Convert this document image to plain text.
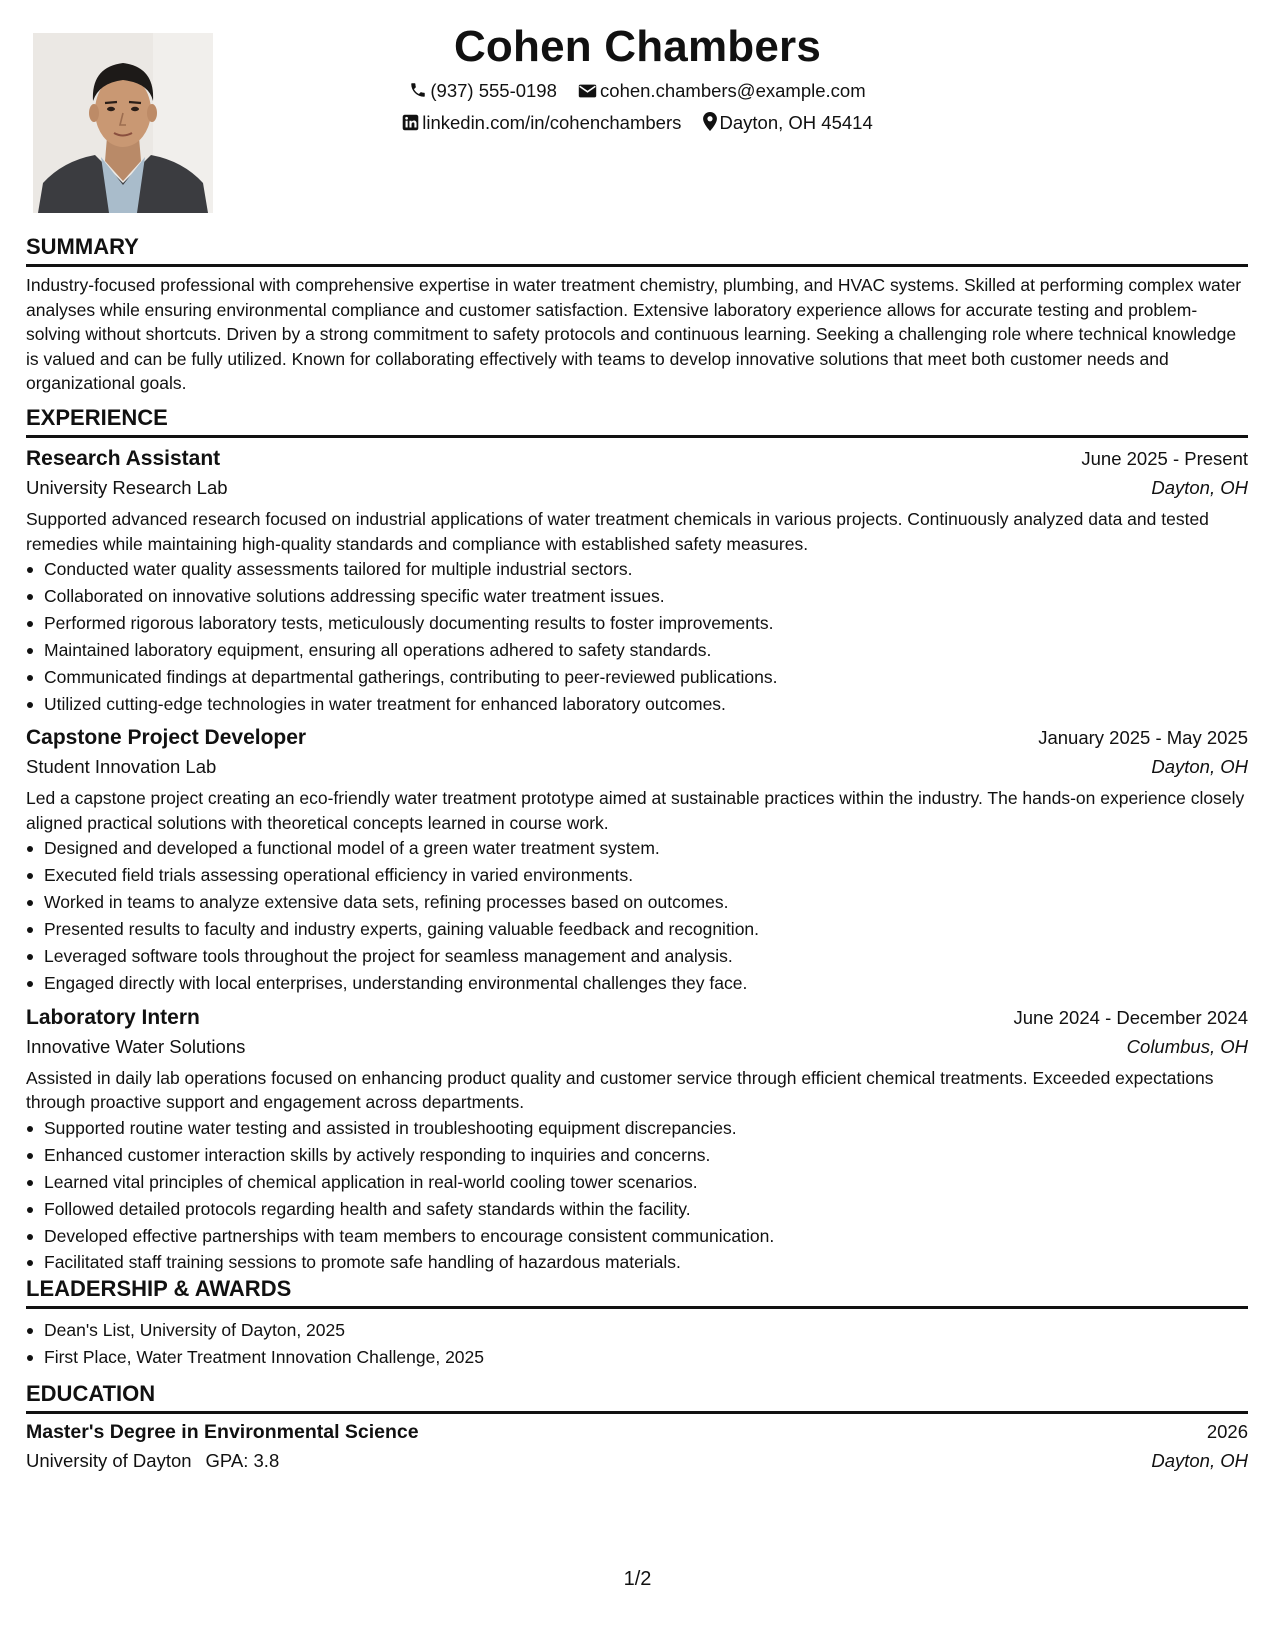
Cohen Chambers
(937) 555-0198 cohen.chambers@example.com
linkedin.com/in/cohenchambers Dayton, OH 45414
SUMMARY

Industry-focused professional with comprehensive expertise in water treatment chemistry, plumbing, and HVAC systems. Skilled at performing complex water analyses while ensuring environmental compliance and customer satisfaction. Extensive laboratory experience allows for accurate testing and problem-solving without shortcuts. Driven by a strong commitment to safety protocols and continuous learning. Seeking a challenging role where technical knowledge is valued and can be fully utilized. Known for collaborating effectively with teams to develop innovative solutions that meet both customer needs and organizational goals.

EXPERIENCE
Research Assistant	June 2025 - Present
University Research Lab	Dayton, OH

Supported advanced research focused on industrial applications of water treatment chemicals in various projects. Continuously analyzed data and tested remedies while maintaining high-quality standards and compliance with established safety measures.

Conducted water quality assessments tailored for multiple industrial sectors.
Collaborated on innovative solutions addressing specific water treatment issues.
Performed rigorous laboratory tests, meticulously documenting results to foster improvements.
Maintained laboratory equipment, ensuring all operations adhered to safety standards.
Communicated findings at departmental gatherings, contributing to peer-reviewed publications.
Utilized cutting-edge technologies in water treatment for enhanced laboratory outcomes.
Capstone Project Developer	January 2025 - May 2025
Student Innovation Lab	Dayton, OH

Led a capstone project creating an eco-friendly water treatment prototype aimed at sustainable practices within the industry. The hands-on experience closely aligned practical solutions with theoretical concepts learned in course work.

Designed and developed a functional model of a green water treatment system.
Executed field trials assessing operational efficiency in varied environments.
Worked in teams to analyze extensive data sets, refining processes based on outcomes.
Presented results to faculty and industry experts, gaining valuable feedback and recognition.
Leveraged software tools throughout the project for seamless management and analysis.
Engaged directly with local enterprises, understanding environmental challenges they face.
Laboratory Intern	June 2024 - December 2024
Innovative Water Solutions	Columbus, OH

Assisted in daily lab operations focused on enhancing product quality and customer service through efficient chemical treatments. Exceeded expectations through proactive support and engagement across departments.

Supported routine water testing and assisted in troubleshooting equipment discrepancies.
Enhanced customer interaction skills by actively responding to inquiries and concerns.
Learned vital principles of chemical application in real-world cooling tower scenarios.
Followed detailed protocols regarding health and safety standards within the facility.
Developed effective partnerships with team members to encourage consistent communication.
Facilitated staff training sessions to promote safe handling of hazardous materials.
LEADERSHIP & AWARDS
Dean's List, University of Dayton, 2025
First Place, Water Treatment Innovation Challenge, 2025
EDUCATION
Master's Degree in Environmental Science	2026
University of Dayton GPA: 3.8	Dayton, OH
1/2
